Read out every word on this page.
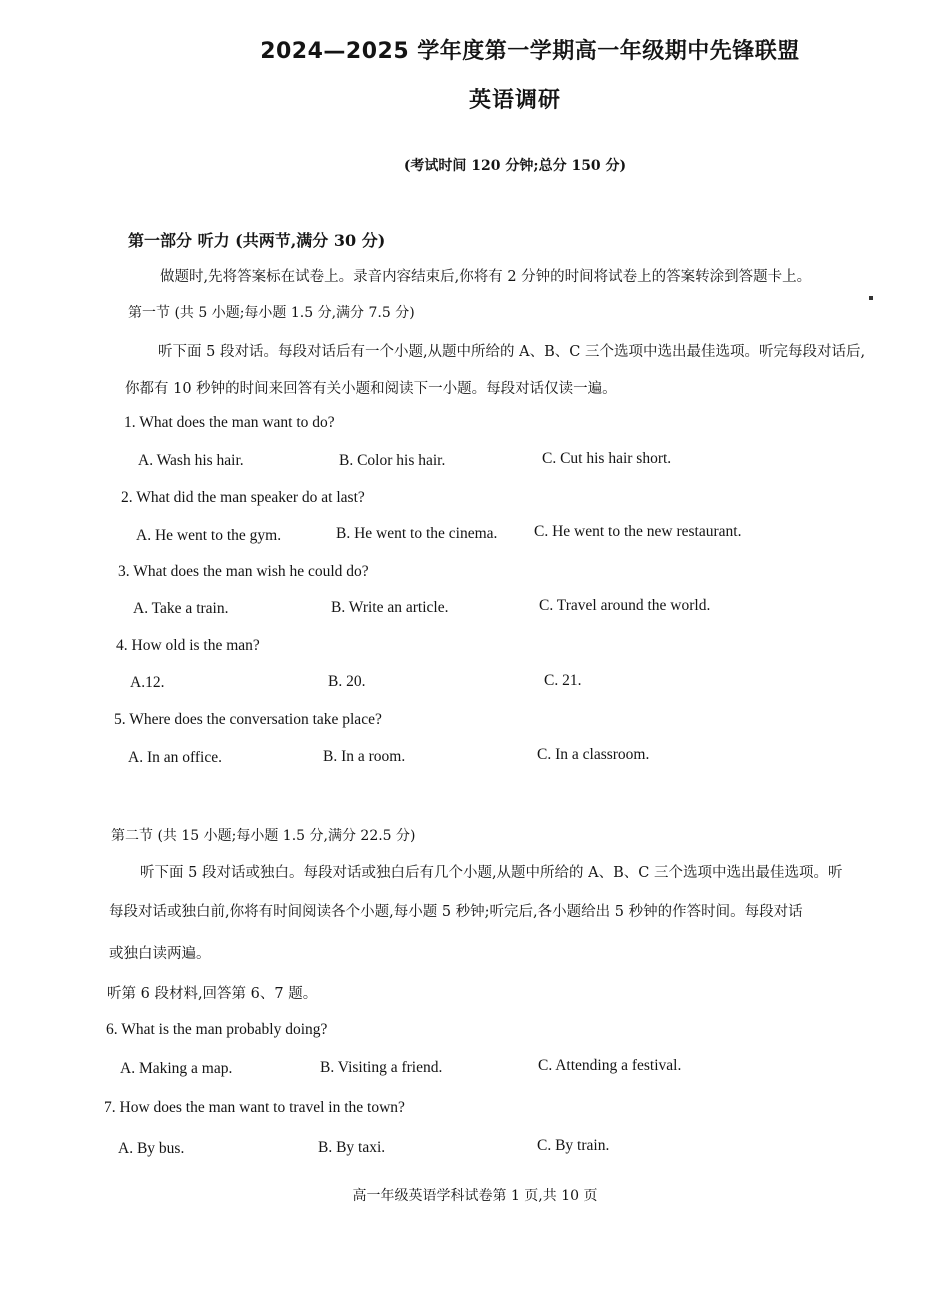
2024—2025 学年度第一学期高一年级期中先锋联盟
英语调研
(考试时间 120 分钟;总分 150 分)
第一部分 听力 (共两节,满分 30 分)
做题时,先将答案标在试卷上。录音内容结束后,你将有 2 分钟的时间将试卷上的答案转涂到答题卡上。
第一节 (共 5 小题;每小题 1.5 分,满分 7.5 分)
听下面 5 段对话。每段对话后有一个小题,从题中所给的 A、B、C 三个选项中选出最佳选项。听完每段对话后,
你都有 10 秒钟的时间来回答有关小题和阅读下一小题。每段对话仅读一遍。
1. What does the man want to do?
A. Wash his hair.	B. Color his hair.	C. Cut his hair short.
2. What did the man speaker do at last?
A. He went to the gym.	B. He went to the cinema. C. He went to the new restaurant.
3. What does the man wish he could do?
A. Take a train.	B. Write an article.	C. Travel around the world.
4. How old is the man?
A.12.	B. 20.	C. 21.
5. Where does the conversation take place?
A. In an office.	B. In a room.	C. In a classroom.
第二节 (共 15 小题;每小题 1.5 分,满分 22.5 分)
听下面 5 段对话或独白。每段对话或独白后有几个小题,从题中所给的 A、B、C 三个选项中选出最佳选项。听
每段对话或独白前,你将有时间阅读各个小题,每小题 5 秒钟;听完后,各小题给出 5 秒钟的作答时间。每段对话
或独白读两遍。
听第 6 段材料,回答第 6、7 题。
6. What is the man probably doing?
A. Making a map.	B. Visiting a friend.	C. Attending a festival.
7. How does the man want to travel in the town?
A. By bus.	B. By taxi.	C. By train.
高一年级英语学科试卷第 1 页,共 10 页
